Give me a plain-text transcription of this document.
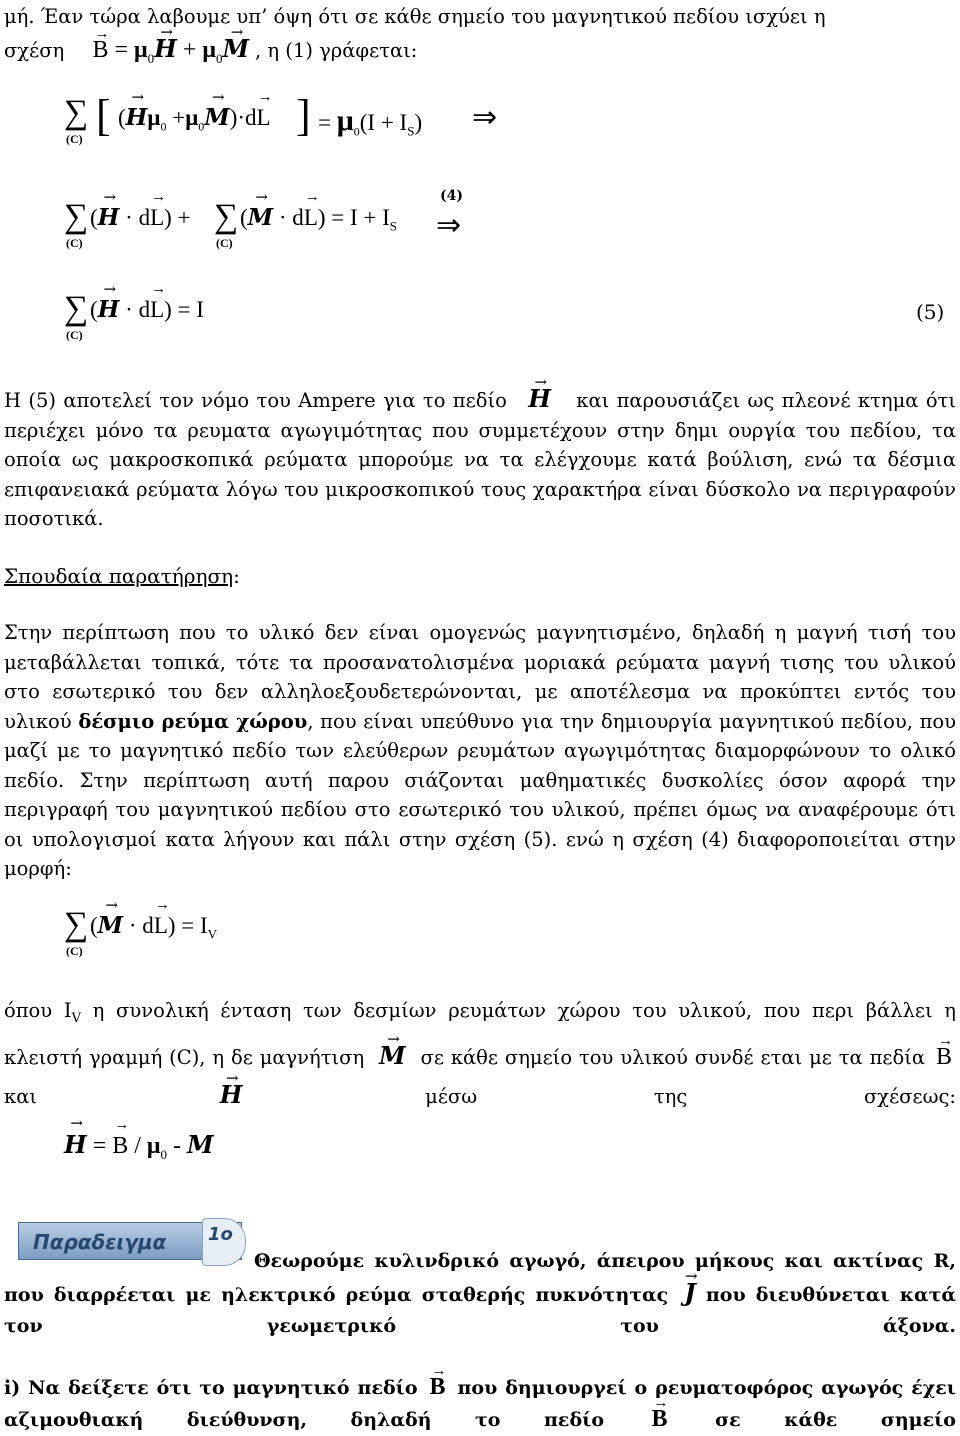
μή. Έαν τώρα λαβουμε υπ’ όψη ότι σε κάθε σημείο του μαγνητικού πεδίου ισχύει η
$\sigma\chi έ\sigma\eta \to B = \mu_0\to H + \mu_0\to M$ , η (1) γράφεται:
∑
(C) [ (→ $H\mu_0 +\mu_0\to M)\cdot d\to L$ ] = $\mu_0(I + I_S)$ ⇒
(4)
∑
(C)
(→ H · d→ L) + ∑
(C)
(→ $M \cdot d\to L) = I + I_S$ ⇒
∑
(C)
(→ H · d→ L) = I	(5)
Η (5) αποτελεί τον νόμο του Ampere για το πεδίο → H και παρουσιάζει ως πλεονέ κτημα ότι περιέχει μόνο τα ρευματα αγωγιμότητας που συμμετέχουν στην δημι ουργία του πεδίου, τα οποία ως μακροσκοπικά ρεύματα μπορούμε να τα ελέγχουμε κατά βούλιση, ενώ τα δέσμια επιφανειακά ρεύματα λόγω του μικροσκοπικού τους χαρακτήρα είναι δύσκολο να περιγραφούν ποσοτικά.
Σπουδαία παρατήρηση:
Στην περίπτωση που το υλικό δεν είναι ομογενώς μαγνητισμένο, δηλαδή η μαγνή τισή του μεταβάλλεται τοπικά, τότε τα προσανατολισμένα μοριακά ρεύματα μαγνή τισης του υλικού στο εσωτερικό του δεν αλληλοεξουδετερώνονται, με αποτέλεσμα να προκύπτει εντός του υλικού δέσμιο ρεύμα χώρου, που είναι υπεύθυνο για την δημιουργία μαγνητικού πεδίου, που μαζί με το μαγνητικό πεδίο των ελεύθερων ρευμάτων αγωγιμότητας διαμορφώνουν το ολικό πεδίο. Στην περίπτωση αυτή παρου σιάζονται μαθηματικές δυσκολίες όσον αφορά την περιγραφή του μαγνητικού πεδίου στο εσωτερικό του υλικού, πρέπει όμως να αναφέρουμε ότι οι υπολογισμοί κατα λήγουν και πάλι στην σχέση (5). ενώ η σχέση (4) διαφοροποιείται στην μορφή:
∑
(C)
(→ $M \cdot d\to L) = I_V$
όπου $I_V$ η συνολική ένταση των δεσμίων ρευμάτων χώρου του υλικού, που περι βάλλει η κλειστή γραμμή (C), η δε μαγνήτιση → M σε κάθε σημείο του υλικού συνδέ εται με τα πεδία → B και	→ H	μέσω της σχέσεως:
→ H = → B / $\mu_0$ - M
Παραδειγμα	1ο
Θεωρούμε κυλινδρικό αγωγό, άπειρου μήκους και ακτίνας R, που διαρρέεται με ηλεκτρικό ρεύμα σταθερής πυκνότητας → J που διευθύνεται κατά τον γεωμετρικό του άξονα.
i) Να δείξετε ότι το μαγνητικό πεδίο → B που δημιουργεί ο ρευματοφόρος αγωγός έχει αζιμουθιακή διεύθυνση, δηλαδή το πεδίο → B	σε κάθε σημείο
